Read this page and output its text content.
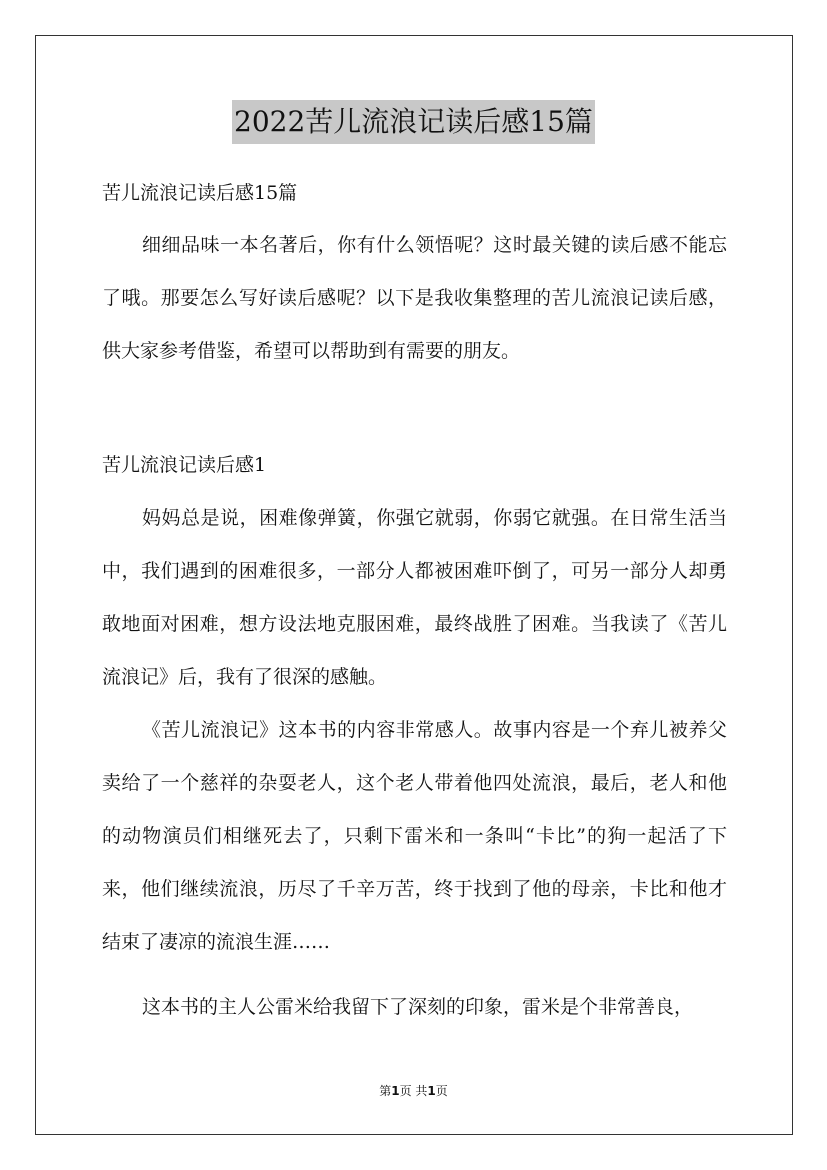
2022苦儿流浪记读后感15篇
苦儿流浪记读后感15篇

细细品味一本名著后，你有什么领悟呢？这时最关键的读后感不能忘了哦。那要怎么写好读后感呢？以下是我收集整理的苦儿流浪记读后感，供大家参考借鉴，希望可以帮助到有需要的朋友。

苦儿流浪记读后感1

妈妈总是说，困难像弹簧，你强它就弱，你弱它就强。在日常生活当中，我们遇到的困难很多，一部分人都被困难吓倒了，可另一部分人却勇敢地面对困难，想方设法地克服困难，最终战胜了困难。当我读了《苦儿流浪记》后，我有了很深的感触。

《苦儿流浪记》这本书的内容非常感人。故事内容是一个弃儿被养父卖给了一个慈祥的杂耍老人，这个老人带着他四处流浪，最后，老人和他的动物演员们相继死去了，只剩下雷米和一条叫“卡比”的狗一起活了下来，他们继续流浪，历尽了千辛万苦，终于找到了他的母亲，卡比和他才结束了凄凉的流浪生涯……

这本书的主人公雷米给我留下了深刻的印象，雷米是个非常善良，

第1页 共1页
